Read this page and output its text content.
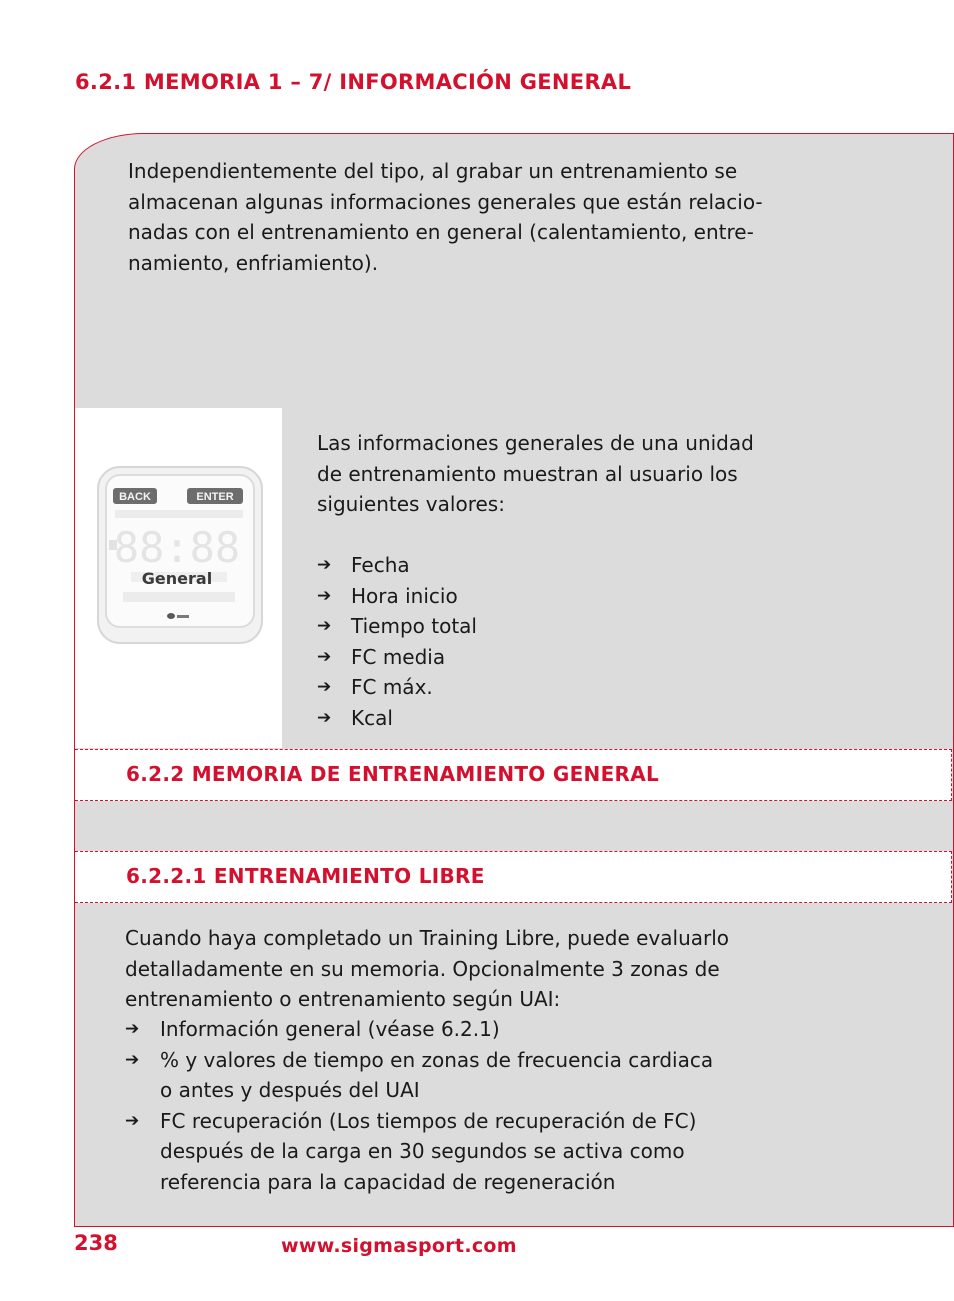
6.2.1 MEMORIA 1 – 7/ INFORMACIÓN GENERAL

Independientemente del tipo, al grabar un entrenamiento se
almacenan algunas informaciones generales que están relacio-
nadas con el entrenamiento en general (calentamiento, entre-
namiento, enfriamiento).

BACK	ENTER
88:88
General

Las informaciones generales de una unidad
de entrenamiento muestran al usuario los
siguientes valores:

➔ Fecha
➔ Hora inicio
➔ Tiempo total
➔ FC media
➔ FC máx.
➔ Kcal
6.2.2 MEMORIA DE ENTRENAMIENTO GENERAL
6.2.2.1 ENTRENAMIENTO LIBRE

Cuando haya completado un Training Libre, puede evaluarlo
detalladamente en su memoria. Opcionalmente 3 zonas de
entrenamiento o entrenamiento según UAI:

➔ Información general (véase 6.2.1)
➔ % y valores de tiempo en zonas de frecuencia cardiaca
o antes y después del UAI
➔ FC recuperación (Los tiempos de recuperación de FC)
después de la carga en 30 segundos se activa como
referencia para la capacidad de regeneración

238	www.sigmasport.com
